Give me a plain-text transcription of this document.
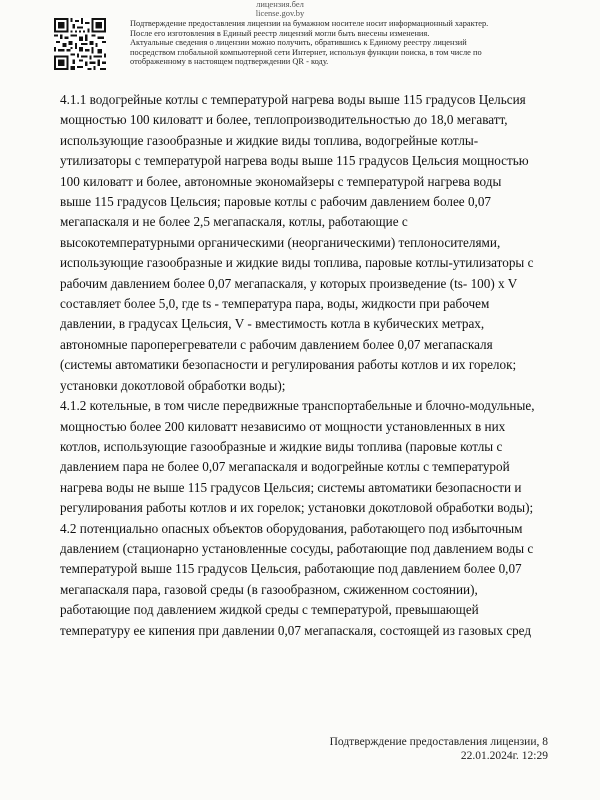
лицензия.бел
license.gov.by
Подтверждение предоставления лицензии на бумажном носителе носит информационный характер.
После его изготовления в Единый реестр лицензий могли быть внесены изменения.
Актуальные сведения о лицензии можно получить, обратившись к Единому реестру лицензий
посредством глобальной компьютерной сети Интернет, используя функции поиска, в том числе по
отображенному в настоящем подтверждении QR - коду.
4.1.1 водогрейные котлы с температурой нагрева воды выше 115 градусов Цельсия
мощностью 100 киловатт и более, теплопроизводительностью до 18,0 мегаватт,
использующие газообразные и жидкие виды топлива, водогрейные котлы-
утилизаторы с температурой нагрева воды выше 115 градусов Цельсия мощностью
100 киловатт и более, автономные экономайзеры с температурой нагрева воды
выше 115 градусов Цельсия; паровые котлы с рабочим давлением более 0,07
мегапаскаля и не более 2,5 мегапаскаля, котлы, работающие с
высокотемпературными органическими (неорганическими) теплоносителями,
использующие газообразные и жидкие виды топлива, паровые котлы-утилизаторы с
рабочим давлением более 0,07 мегапаскаля, у которых произведение (ts- 100) x V
составляет более 5,0, где ts - температура пара, воды, жидкости при рабочем
давлении, в градусах Цельсия, V - вместимость котла в кубических метрах,
автономные пароперегреватели с рабочим давлением более 0,07 мегапаскаля
(системы автоматики безопасности и регулирования работы котлов и их горелок;
установки докотловой обработки воды);
4.1.2 котельные, в том числе передвижные транспортабельные и блочно-модульные,
мощностью более 200 киловатт независимо от мощности установленных в них
котлов, использующие газообразные и жидкие виды топлива (паровые котлы с
давлением пара не более 0,07 мегапаскаля и водогрейные котлы с температурой
нагрева воды не выше 115 градусов Цельсия; системы автоматики безопасности и
регулирования работы котлов и их горелок; установки докотловой обработки воды);
4.2 потенциально опасных объектов оборудования, работающего под избыточным
давлением (стационарно установленные сосуды, работающие под давлением воды с
температурой выше 115 градусов Цельсия, работающие под давлением более 0,07
мегапаскаля пара, газовой среды (в газообразном, сжиженном состоянии),
работающие под давлением жидкой среды с температурой, превышающей
температуру ее кипения при давлении 0,07 мегапаскаля, состоящей из газовых сред
Подтверждение предоставления лицензии, 8
22.01.2024г. 12:29
